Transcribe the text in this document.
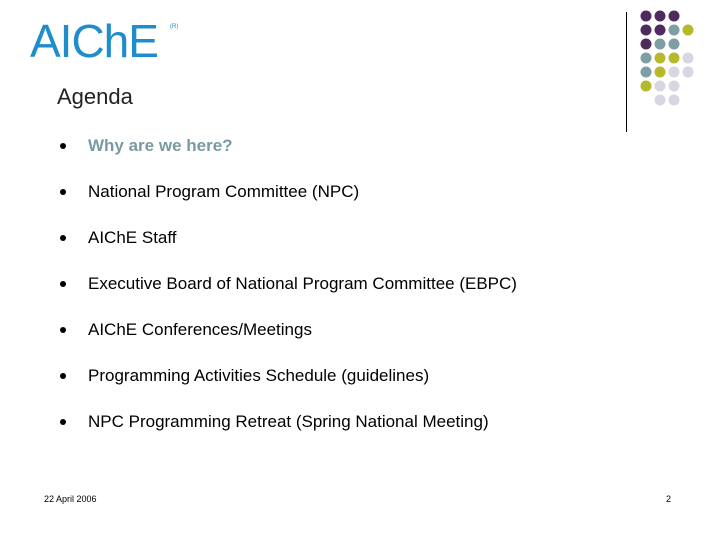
AIChE (R)
Agenda
Why are we here?
National Program Committee (NPC)
AIChE Staff
Executive Board of National Program Committee (EBPC)
AIChE Conferences/Meetings
Programming Activities Schedule (guidelines)
NPC Programming Retreat (Spring National Meeting)
22 April 2006	2
